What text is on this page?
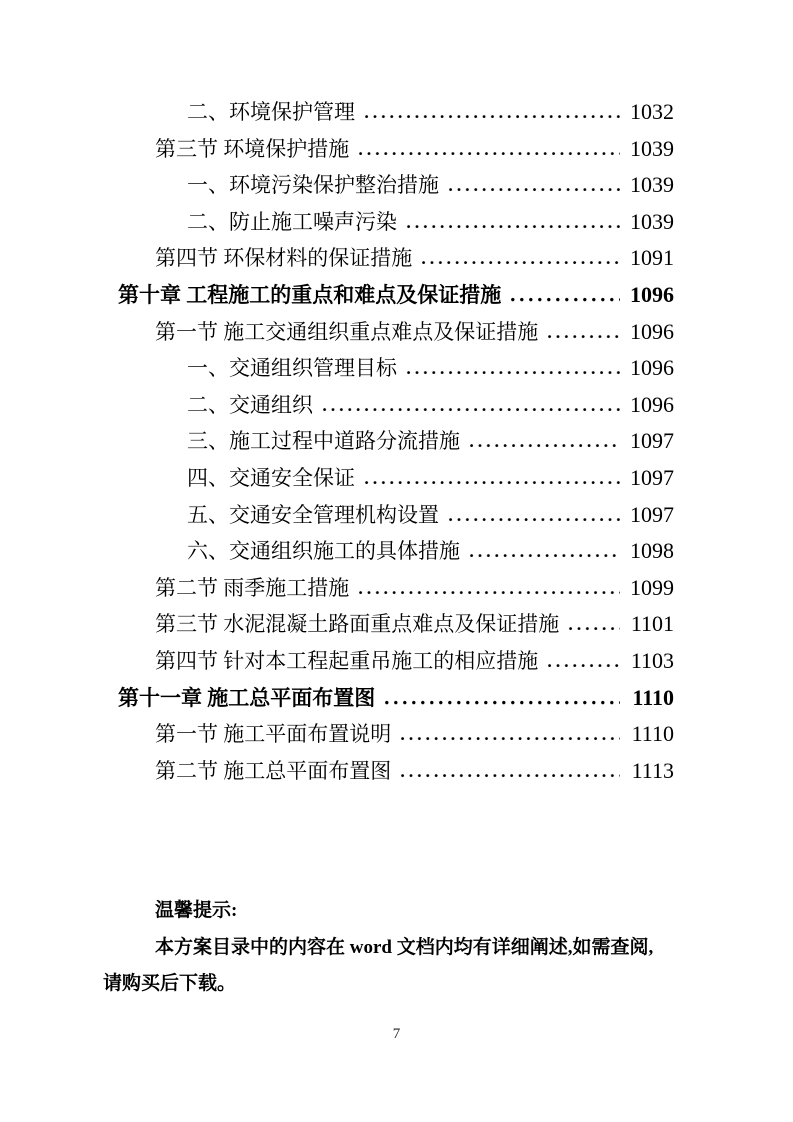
二、环境保护管理	1032
第三节 环境保护措施	1039
一、环境污染保护整治措施	1039
二、防止施工噪声污染	1039
第四节 环保材料的保证措施	1091
第十章 工程施工的重点和难点及保证措施	1096
第一节 施工交通组织重点难点及保证措施	1096
一、交通组织管理目标	1096
二、交通组织	1096
三、施工过程中道路分流措施	1097
四、交通安全保证	1097
五、交通安全管理机构设置	1097
六、交通组织施工的具体措施	1098
第二节 雨季施工措施	1099
第三节 水泥混凝土路面重点难点及保证措施	1101
第四节 针对本工程起重吊施工的相应措施	1103
第十一章 施工总平面布置图	1110
第一节 施工平面布置说明	1110
第二节 施工总平面布置图	1113
温馨提示:
本方案目录中的内容在 word 文档内均有详细阐述,如需查阅,
请购买后下载。
7
